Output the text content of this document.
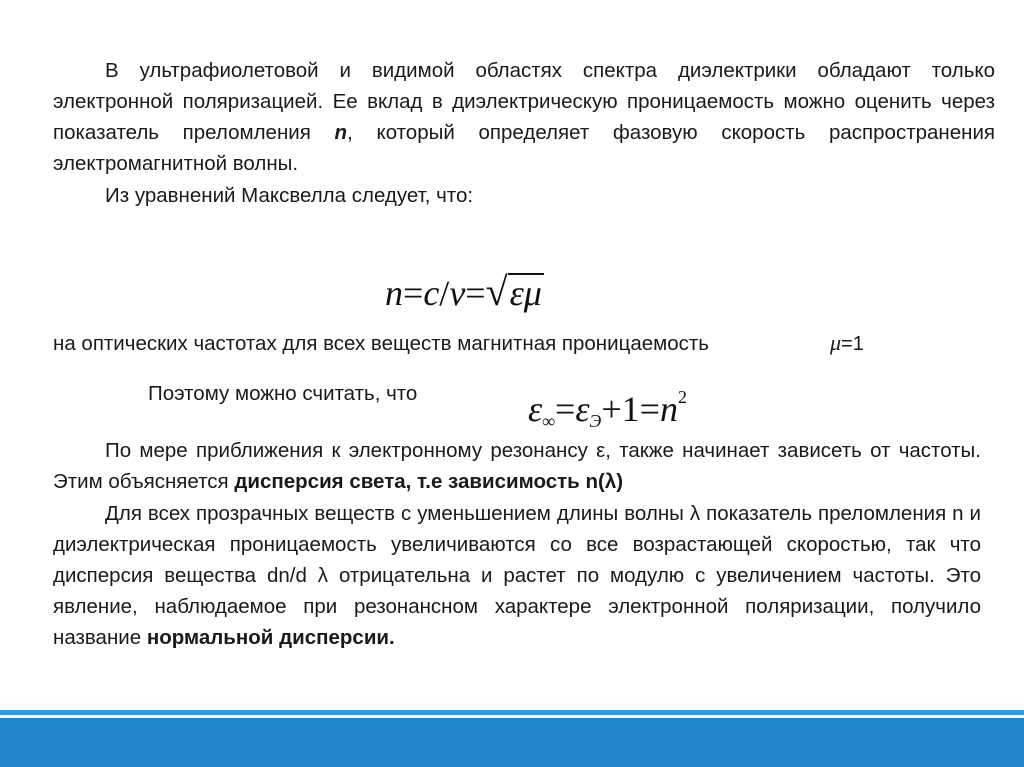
В ультрафиолетовой и видимой областях спектра диэлектрики обладают только электронной поляризацией. Ее вклад в диэлектрическую проницаемость можно оценить через показатель преломления n, который определяет фазовую скорость распространения электромагнитной волны.

Из уравнений Максвелла следует, что:

n=c/v=√εμ

на оптических частотах для всех веществ магнитная проницаемость	μ=1

Поэтому можно считать, что	$\varepsilon_\infty=\varepsilon_Э+1=n^2$

По мере приближения к электронному резонансу ε, также начинает зависеть от частоты. Этим объясняется дисперсия света, т.е зависимость n(λ)

Для всех прозрачных веществ с уменьшением длины волны λ показатель преломления n и диэлектрическая проницаемость увеличиваются со все возрастающей скоростью, так что дисперсия вещества dn/d λ отрицательна и растет по модулю с увеличением частоты. Это явление, наблюдаемое при резонансном характере электронной поляризации, получило название нормальной дисперсии.
